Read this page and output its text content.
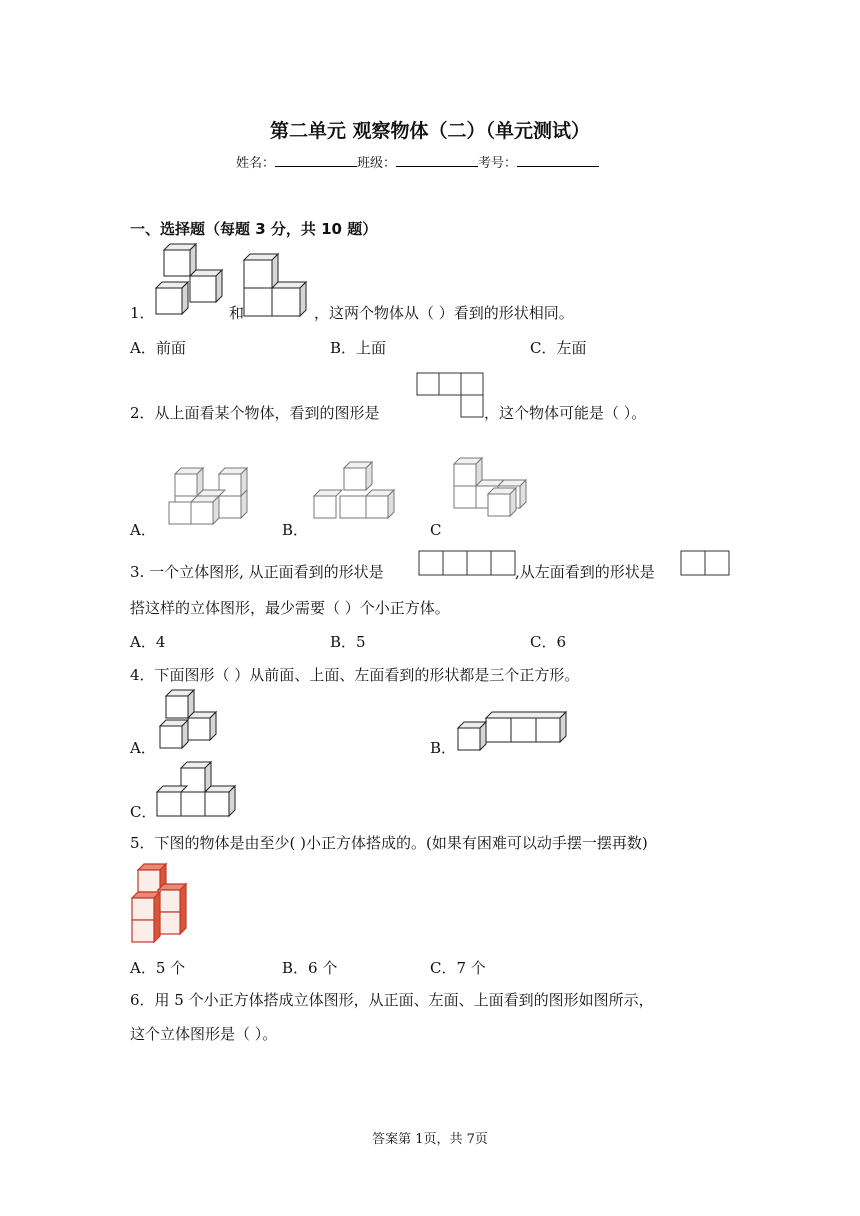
第二单元 观察物体（二）（单元测试）
姓名：	班级：	考号：
一、选择题（每题 3 分，共 10 题）
1．	和	，这两个物体从（ ）看到的形状相同。
A．前面	B．上面	C．左面
2．从上面看某个物体，看到的图形是	，这个物体可能是（ ）。
A．	B．	C
3. 一个立体图形, 从正面看到的形状是	,从左面看到的形状是
搭这样的立体图形，最少需要（ ）个小正方体。
A．4	B．5	C．6
4．下面图形（ ）从前面、上面、左面看到的形状都是三个正方形。
A．	B．
C．
5．下图的物体是由至少( )小正方体搭成的。(如果有困难可以动手摆一摆再数)
A．5 个	B．6 个	C．7 个
6．用 5 个小正方体搭成立体图形，从正面、左面、上面看到的图形如图所示，
这个立体图形是（ ）。
答案第 1页，共 7页
